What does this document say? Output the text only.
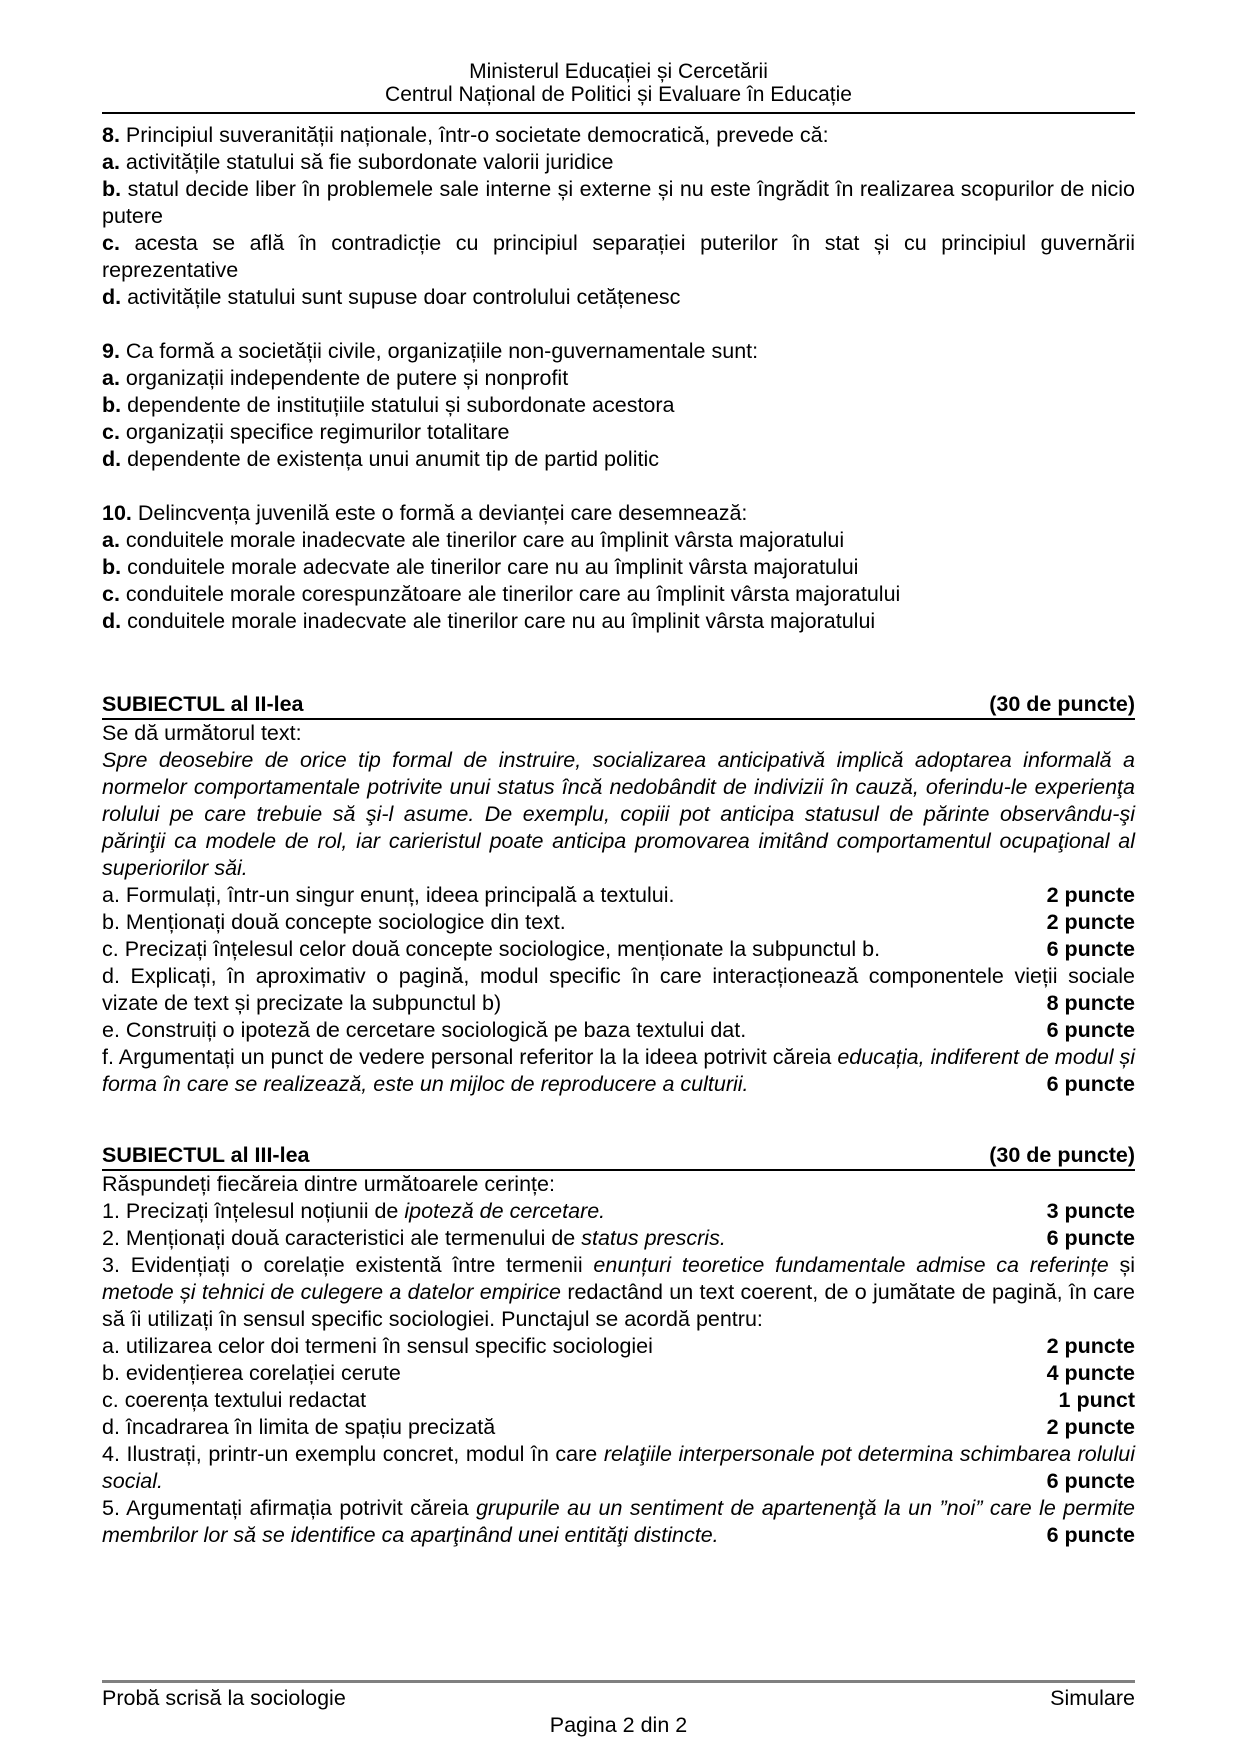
Ministerul Educației și Cercetării
Centrul Național de Politici și Evaluare în Educație

8. Principiul suveranității naționale, într-o societate democratică, prevede că:

a. activitățile statului să fie subordonate valorii juridice

b. statul decide liber în problemele sale interne și externe și nu este îngrădit în realizarea scopurilor de nicio putere

c. acesta se află în contradicție cu principiul separației puterilor în stat și cu principiul guvernării reprezentative

d. activitățile statului sunt supuse doar controlului cetățenesc

9. Ca formă a societății civile, organizațiile non-guvernamentale sunt:

a. organizații independente de putere și nonprofit

b. dependente de instituțiile statului și subordonate acestora

c. organizații specifice regimurilor totalitare

d. dependente de existența unui anumit tip de partid politic

10. Delincvența juvenilă este o formă a devianței care desemnează:

a. conduitele morale inadecvate ale tinerilor care au împlinit vârsta majoratului

b. conduitele morale adecvate ale tinerilor care nu au împlinit vârsta majoratului

c. conduitele morale corespunzătoare ale tinerilor care au împlinit vârsta majoratului

d. conduitele morale inadecvate ale tinerilor care nu au împlinit vârsta majoratului

SUBIECTUL al II-lea	(30 de puncte)

Se dă următorul text:

Spre deosebire de orice tip formal de instruire, socializarea anticipativă implică adoptarea informală a normelor comportamentale potrivite unui status încă nedobândit de indivizii în cauză, oferindu-le experienţa rolului pe care trebuie să şi-l asume. De exemplu, copiii pot anticipa statusul de părinte observându-şi părinţii ca modele de rol, iar carieristul poate anticipa promovarea imitând comportamentul ocupaţional al superiorilor săi.

a. Formulați, într-un singur enunț, ideea principală a textului.	2 puncte

b. Menționați două concepte sociologice din text.	2 puncte

c. Precizați înțelesul celor două concepte sociologice, menționate la subpunctul b.	6 puncte

d. Explicați, în aproximativ o pagină, modul specific în care interacționează componentele vieții sociale vizate de text și precizate la subpunctul b)	8 puncte

e. Construiți o ipoteză de cercetare sociologică pe baza textului dat.	6 puncte

f. Argumentați un punct de vedere personal referitor la la ideea potrivit căreia educația, indiferent de modul și forma în care se realizează, este un mijloc de reproducere a culturii.	6 puncte

SUBIECTUL al III-lea	(30 de puncte)

Răspundeți fiecăreia dintre următoarele cerințe:

1. Precizați înțelesul noțiunii de ipoteză de cercetare.	3 puncte

2. Menționați două caracteristici ale termenului de status prescris.	6 puncte

3. Evidențiați o corelație existentă între termenii enunțuri teoretice fundamentale admise ca referințe și metode și tehnici de culegere a datelor empirice redactând un text coerent, de o jumătate de pagină, în care să îi utilizați în sensul specific sociologiei. Punctajul se acordă pentru:

a. utilizarea celor doi termeni în sensul specific sociologiei	2 puncte

b. evidențierea corelației cerute	4 puncte

c. coerența textului redactat	1 punct

d. încadrarea în limita de spațiu precizată	2 puncte

4. Ilustrați, printr-un exemplu concret, modul în care relaţiile interpersonale pot determina schimbarea rolului social.	6 puncte

5. Argumentați afirmația potrivit căreia grupurile au un sentiment de apartenenţă la un ”noi” care le permite membrilor lor să se identifice ca aparţinând unei entităţi distincte.	6 puncte

Probă scrisă la sociologie	Simulare
Pagina 2 din 2
